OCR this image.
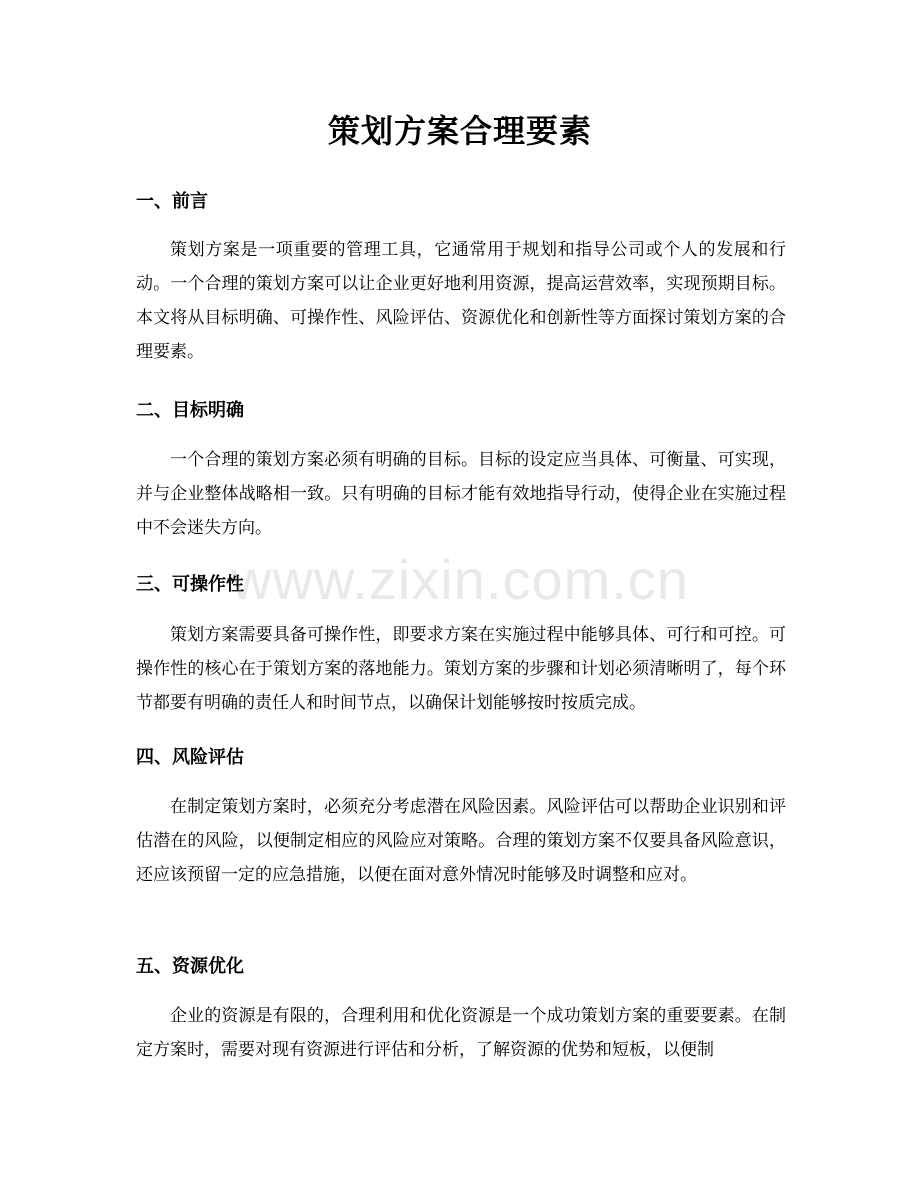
策划方案合理要素
一、前言
策划方案是一项重要的管理工具，它通常用于规划和指导公司或个人的发展和行动。一个合理的策划方案可以让企业更好地利用资源，提高运营效率，实现预期目标。本文将从目标明确、可操作性、风险评估、资源优化和创新性等方面探讨策划方案的合理要素。
二、目标明确
一个合理的策划方案必须有明确的目标。目标的设定应当具体、可衡量、可实现，并与企业整体战略相一致。只有明确的目标才能有效地指导行动，使得企业在实施过程中不会迷失方向。
三、可操作性
策划方案需要具备可操作性，即要求方案在实施过程中能够具体、可行和可控。可操作性的核心在于策划方案的落地能力。策划方案的步骤和计划必须清晰明了，每个环节都要有明确的责任人和时间节点，以确保计划能够按时按质完成。
四、风险评估
在制定策划方案时，必须充分考虑潜在风险因素。风险评估可以帮助企业识别和评估潜在的风险，以便制定相应的风险应对策略。合理的策划方案不仅要具备风险意识，还应该预留一定的应急措施，以便在面对意外情况时能够及时调整和应对。
五、资源优化
企业的资源是有限的，合理利用和优化资源是一个成功策划方案的重要要素。在制定方案时，需要对现有资源进行评估和分析，了解资源的优势和短板，以便制
www.zixin.com.cn
